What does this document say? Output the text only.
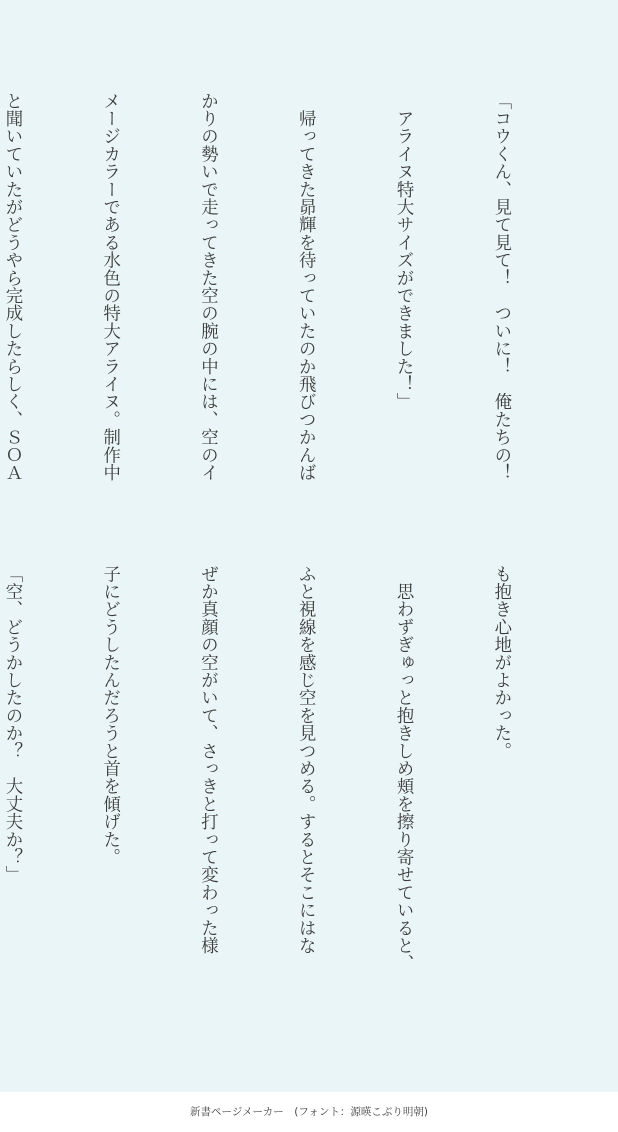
「コウくん、見て見て！　ついに！　俺たちの！

　アライヌ特大サイズができました！」

　帰ってきた昴輝を待っていたのか飛びつかんば

かりの勢いで走ってきた空の腕の中には、空のイ

メージカラーである水色の特大アライヌ。制作中

と聞いていたがどうやら完成したらしく、ＳＯＡ

も抱き心地がよかった。

　思わずぎゅっと抱きしめ頬を擦り寄せていると、

ふと視線を感じ空を見つめる。するとそこにはな

ぜか真顔の空がいて、さっきと打って変わった様

子にどうしたんだろうと首を傾げた。

「空、どうかしたのか？　大丈夫か？」

新書ページメーカー　(フォント：源暎こぶり明朝)
